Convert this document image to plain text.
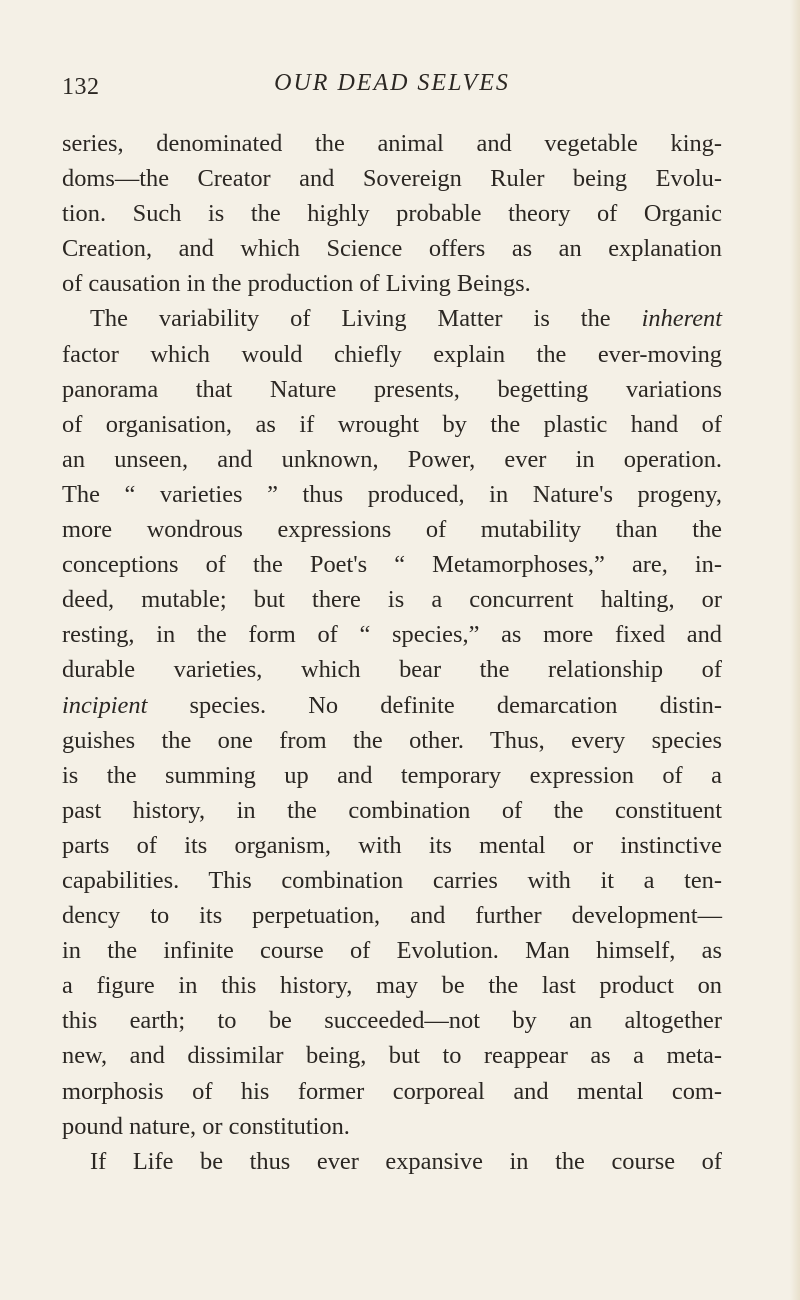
132	OUR DEAD SELVES
series, denominated the animal and vegetable king-
doms—the Creator and Sovereign Ruler being Evolu-
tion. Such is the highly probable theory of Organic
Creation, and which Science offers as an explanation
of causation in the production of Living Beings.
The variability of Living Matter is the inherent
factor which would chiefly explain the ever-moving
panorama that Nature presents, begetting variations
of organisation, as if wrought by the plastic hand of
an unseen, and unknown, Power, ever in operation.
The “ varieties ” thus produced, in Nature's progeny,
more wondrous expressions of mutability than the
conceptions of the Poet's “ Metamorphoses,” are, in-
deed, mutable; but there is a concurrent halting, or
resting, in the form of “ species,” as more fixed and
durable varieties, which bear the relationship of
incipient species. No definite demarcation distin-
guishes the one from the other. Thus, every species
is the summing up and temporary expression of a
past history, in the combination of the constituent
parts of its organism, with its mental or instinctive
capabilities. This combination carries with it a ten-
dency to its perpetuation, and further development—
in the infinite course of Evolution. Man himself, as
a figure in this history, may be the last product on
this earth; to be succeeded—not by an altogether
new, and dissimilar being, but to reappear as a meta-
morphosis of his former corporeal and mental com-
pound nature, or constitution.
If Life be thus ever expansive in the course of
